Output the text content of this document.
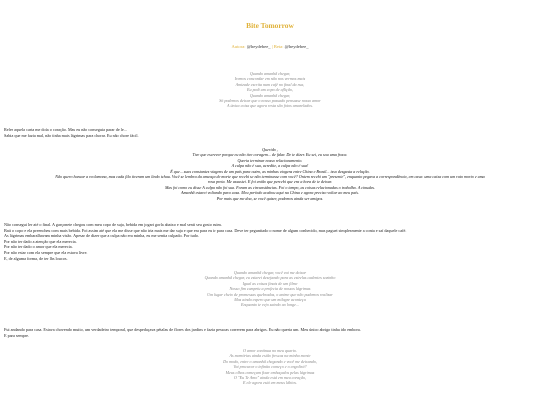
Bite Tomorrow
Autora: @heydebee_ | Beta: @heydebee_
Quando amanhã chegar,
Iremos concordar em não nos vermos mais
Amizade escrita num café no final da rua,
Eu pedi um copo de aflição,
Quando amanhã chegar,
Só podemos deixar que o nosso passado pensasse nosso amor
A única coisa que agora resta são fotos amarelados.
Reler aquela carta me doía o coração. Mas eu não conseguia parar de le...
Sabia que me fazia mal, não tinha mais lágrimas para chorar. Eu não chore fácil.
Querido ,
Tive que escrever porque eu não tive coragem... de falar. De te dizer. Eu sei, eu sou uma fraca.
Queria terminar nosso relacionamento.
A culpa não é sua, acredite, a culpa não é sua!
É que... suas constantes viagens de um país para outro, as minhas viagens entre China e Brasil... isso desgasta a relação.
Não quero hancar a reclamona, mas cada fila tiveram um lindo tchau. Você se lembra da ameaça de morte que recebi se não terminasse com você? Ontem recebi um "presente", enquanto pegava a correspondência, em casa: uma caixa com um rato morto e uma
rosa preta. Me assustei. E foi então que percebi que era a hora de te deixar.
Mas foi como eu disse A culpa não foi sua. Foram as circunstâncias. Foi o tempo, as coisas relacionadas o trabalho. A cinudas.
Amanhã estarei voltando para casa. Meu período acabou aqui na China e agora preciso voltar ao meu país.
Por mais que me doa, se você quiser, podemos ainda ser amigos.
Não consegui ler até o final. A garçonete chegou com meu copo de suja, bebida em jogari gorla abaixo e mal senti seu gosto ruim.
Bati o copo e ela preencheu com mais bebida. Foi assim até que ela me disse que não iria mais me dar suja e que era para eu ir para casa. Deve ter pegunttado o nome de algum conhecido, mas paguei simplesmente a conta e saí daquele café.
As lágrimas embaralhavam minha visão. Apesar de dizer que a culpa não era minha, eu me sentia culpado. Por tudo.
Por não ter dado a atenção que ela merecia.
Por não ter dado o amor que ela merecia.
Por não estar com ela sempre que ela estava livre.
E, de alguma forma, de ter lhs loucos.
Quando amanhã chegar, você vai me deixar
Quando amanhã chegar, eu estarei desejando para as estrelas cadentes sozinho
Igual as coisas finais de um filme
Nosso fim cumpriu a profecia de nossos lágrimas
Um lugar cheio de promessas quebradas, o anime que não pudemos realizar
Mas ainda espero que um milagre aconteça
Enquanto te vejo saindo ao longe...
Fui andando para casa. Estava chovendo muito, um verdadeiro temporal, que despedaçava pétalas de flores dos jardins e fazia pessoas correrem para abrigos. Eu não queria um. Meu único abrigo tinha ido embora.
E para sempre.
O amor continua no meu quarto.
As memórias ainda estão frescas na minha mente
Do modo, entre o amanhã chegando e você me deixando,
Vai procurar o infinito começo e o engolirá?
Meus olhos começam fixar embaçados pelas lágrimas
O "Eu Te Amo" ainda está em meu coração,
E ele agora está em meus lábios.
